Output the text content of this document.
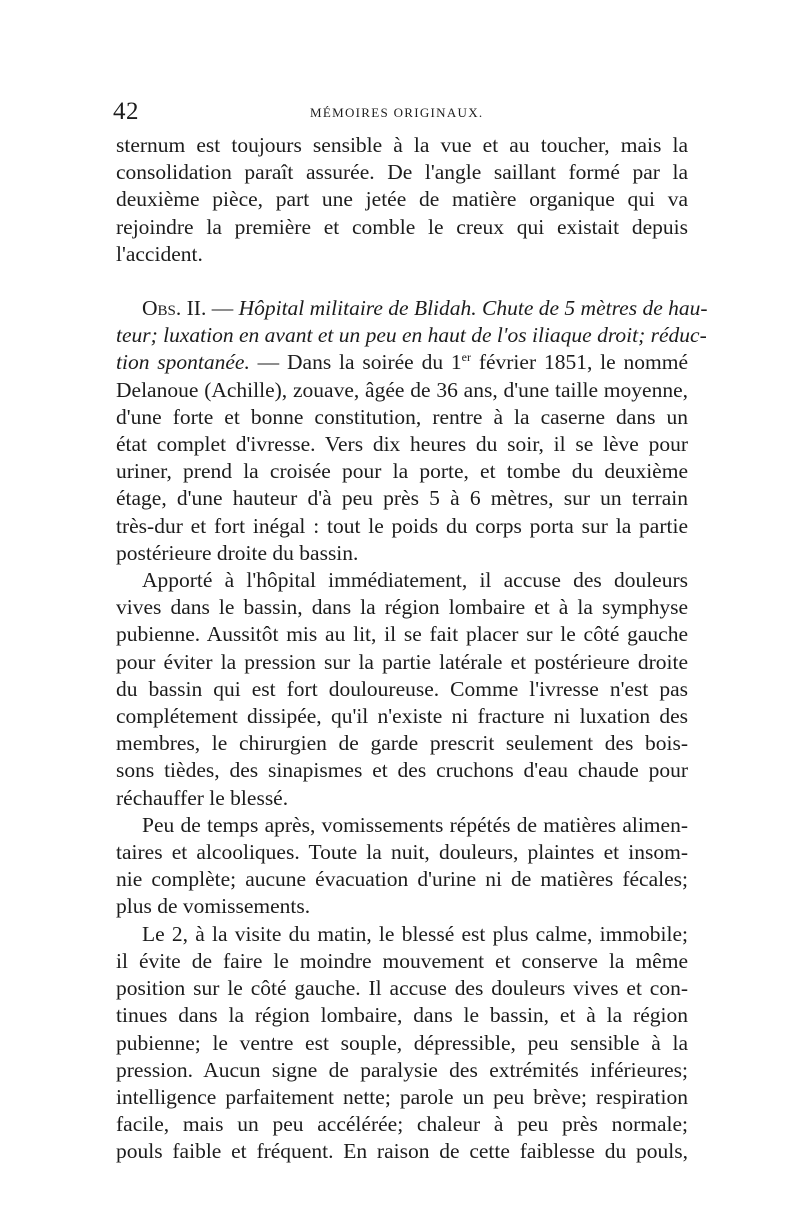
42	MÉMOIRES ORIGINAUX.
sternum est toujours sensible à la vue et au toucher, mais la
consolidation paraît assurée. De l'angle saillant formé par la
deuxième pièce, part une jetée de matière organique qui va
rejoindre la première et comble le creux qui existait depuis
l'accident.
Obs. II. — Hôpital militaire de Blidah. Chute de 5 mètres de hau-
teur; luxation en avant et un peu en haut de l'os iliaque droit; réduc-
tion spontanée. — Dans la soirée du 1er février 1851, le nommé
Delanoue (Achille), zouave, âgée de 36 ans, d'une taille moyenne,
d'une forte et bonne constitution, rentre à la caserne dans un
état complet d'ivresse. Vers dix heures du soir, il se lève pour
uriner, prend la croisée pour la porte, et tombe du deuxième
étage, d'une hauteur d'à peu près 5 à 6 mètres, sur un terrain
très-dur et fort inégal : tout le poids du corps porta sur la partie
postérieure droite du bassin.
Apporté à l'hôpital immédiatement, il accuse des douleurs
vives dans le bassin, dans la région lombaire et à la symphyse
pubienne. Aussitôt mis au lit, il se fait placer sur le côté gauche
pour éviter la pression sur la partie latérale et postérieure droite
du bassin qui est fort douloureuse. Comme l'ivresse n'est pas
complétement dissipée, qu'il n'existe ni fracture ni luxation des
membres, le chirurgien de garde prescrit seulement des bois-
sons tièdes, des sinapismes et des cruchons d'eau chaude pour
réchauffer le blessé.
Peu de temps après, vomissements répétés de matières alimen-
taires et alcooliques. Toute la nuit, douleurs, plaintes et insom-
nie complète; aucune évacuation d'urine ni de matières fécales;
plus de vomissements.
Le 2, à la visite du matin, le blessé est plus calme, immobile;
il évite de faire le moindre mouvement et conserve la même
position sur le côté gauche. Il accuse des douleurs vives et con-
tinues dans la région lombaire, dans le bassin, et à la région
pubienne; le ventre est souple, dépressible, peu sensible à la
pression. Aucun signe de paralysie des extrémités inférieures;
intelligence parfaitement nette; parole un peu brève; respiration
facile, mais un peu accélérée; chaleur à peu près normale;
pouls faible et fréquent. En raison de cette faiblesse du pouls,
